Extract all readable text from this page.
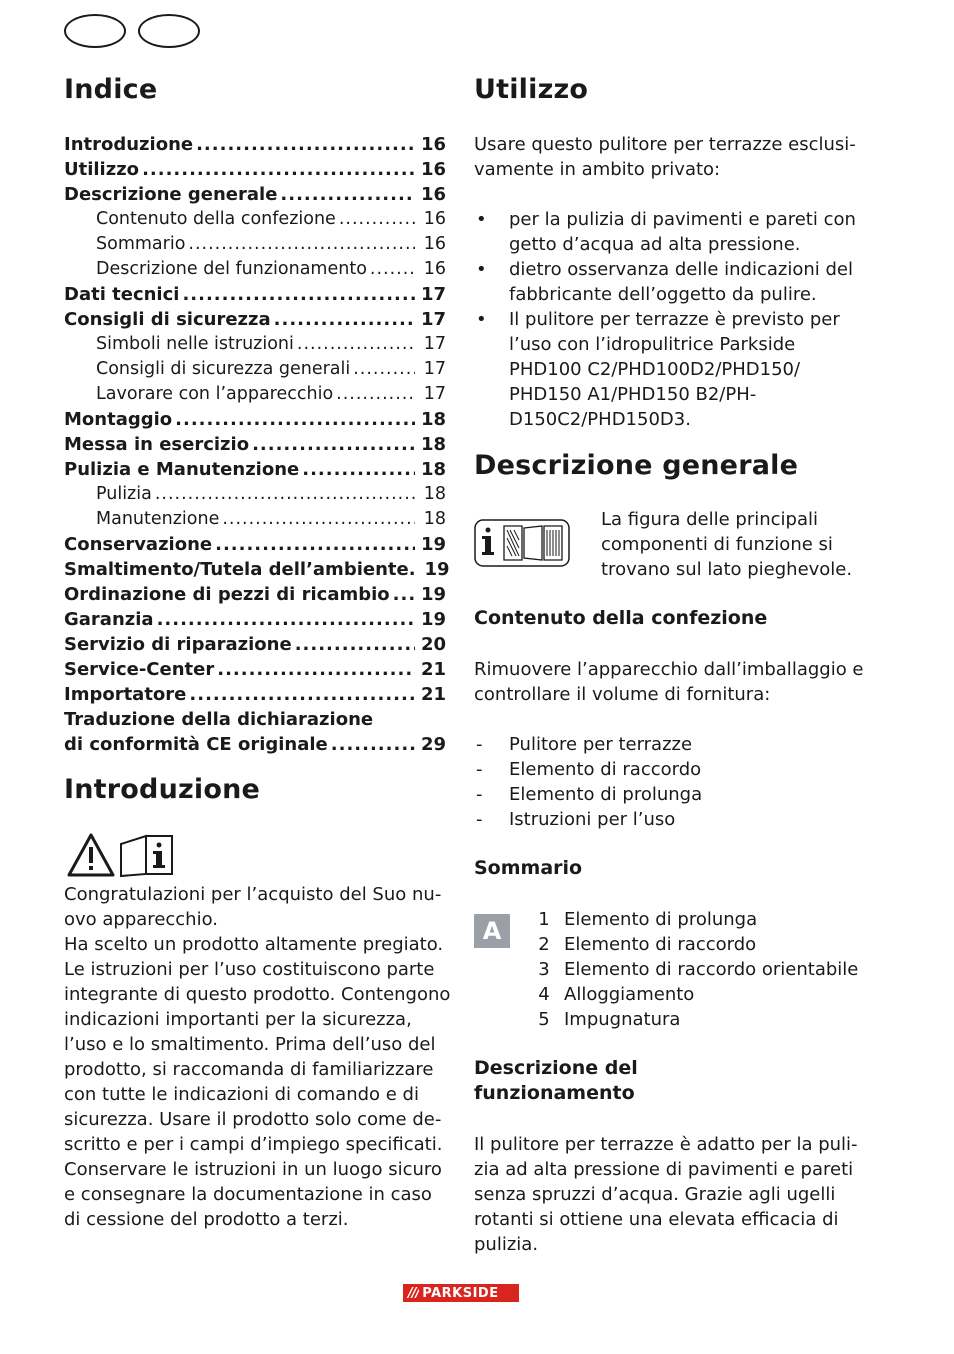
Indice
Introduzione .....	16
Utilizzo .....	16
Descrizione generale .....	16
Contenuto della confezione .....	16
Sommario .....	16
Descrizione del funzionamento .....	16
Dati tecnici .....	17
Consigli di sicurezza .....	17
Simboli nelle istruzioni .....	17
Consigli di sicurezza generali .....	17
Lavorare con l’apparecchio .....	17
Montaggio .....	18
Messa in esercizio .....	18
Pulizia e Manutenzione .....	18
Pulizia .....	18
Manutenzione .....	18
Conservazione .....	19
Smaltimento/Tutela dell’ambiente. 19
Ordinazione di pezzi di ricambio ..... 19
Garanzia .....	19
Servizio di riparazione .....	20
Service-Center .....	21
Importatore .....	21
Traduzione della dichiarazione
di conformità CE originale .....	29
Introduzione
Congratulazioni per l’acquisto del Suo nu-
ovo apparecchio.
Ha scelto un prodotto altamente pregiato.
Le istruzioni per l’uso costituiscono parte
integrante di questo prodotto. Contengono
indicazioni importanti per la sicurezza,
l’uso e lo smaltimento. Prima dell’uso del
prodotto, si raccomanda di familiarizzare
con tutte le indicazioni di comando e di
sicurezza. Usare il prodotto solo come de-
scritto e per i campi d’impiego specificati.
Conservare le istruzioni in un luogo sicuro
e consegnare la documentazione in caso
di cessione del prodotto a terzi.
Utilizzo
Usare questo pulitore per terrazze esclusi-
vamente in ambito privato:
• per la pulizia di pavimenti e pareti con
getto d’acqua ad alta pressione.
• dietro osservanza delle indicazioni del
fabbricante dell’oggetto da pulire.
• Il pulitore per terrazze è previsto per
l’uso con l’idropulitrice Parkside
PHD100 C2/PHD100D2/PHD150/
PHD150 A1/PHD150 B2/PH-
D150C2/PHD150D3.
Descrizione generale
La figura delle principali
componenti di funzione si
trovano sul lato pieghevole.
Contenuto della confezione
Rimuovere l’apparecchio dall’imballaggio e
controllare il volume di fornitura:
- Pulitore per terrazze
- Elemento di raccordo
- Elemento di prolunga
- Istruzioni per l’uso
Sommario
A	1 Elemento di prolunga
2 Elemento di raccordo
3 Elemento di raccordo orientabile
4 Alloggiamento
5 Impugnatura
Descrizione del
funzionamento
Il pulitore per terrazze è adatto per la puli-
zia ad alta pressione di pavimenti e pareti
senza spruzzi d’acqua. Grazie agli ugelli
rotanti si ottiene una elevata efficacia di
pulizia.
/// PARKSIDE
